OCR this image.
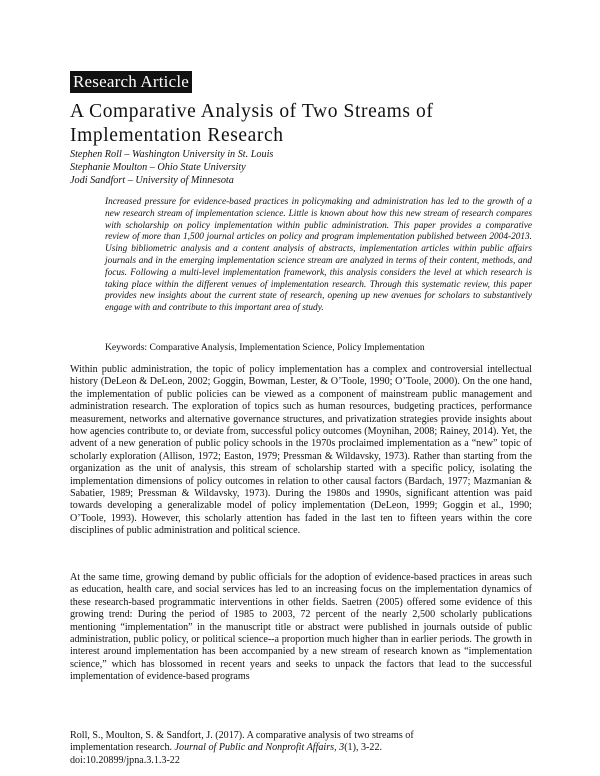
Research Article
A Comparative Analysis of Two Streams of Implementation Research
Stephen Roll – Washington University in St. Louis
Stephanie Moulton – Ohio State University
Jodi Sandfort – University of Minnesota

Increased pressure for evidence-based practices in policymaking and administration has led to the growth of a new research stream of implementation science. Little is known about how this new stream of research compares with scholarship on policy implementation within public administration. This paper provides a comparative review of more than 1,500 journal articles on policy and program implementation published between 2004-2013. Using bibliometric analysis and a content analysis of abstracts, implementation articles within public affairs journals and in the emerging implementation science stream are analyzed in terms of their content, methods, and focus. Following a multi-level implementation framework, this analysis considers the level at which research is taking place within the different venues of implementation research. Through this systematic review, this paper provides new insights about the current state of research, opening up new avenues for scholars to substantively engage with and contribute to this important area of study.

Keywords: Comparative Analysis, Implementation Science, Policy Implementation

Within public administration, the topic of policy implementation has a complex and controversial intellectual history (DeLeon & DeLeon, 2002; Goggin, Bowman, Lester, & O’Toole, 1990; O’Toole, 2000). On the one hand, the implementation of public policies can be viewed as a component of mainstream public management and administration research. The exploration of topics such as human resources, budgeting practices, performance measurement, networks and alternative governance structures, and privatization strategies provide insights about how agencies contribute to, or deviate from, successful policy outcomes (Moynihan, 2008; Rainey, 2014). Yet, the advent of a new generation of public policy schools in the 1970s proclaimed implementation as a “new” topic of scholarly exploration (Allison, 1972; Easton, 1979; Pressman & Wildavsky, 1973). Rather than starting from the organization as the unit of analysis, this stream of scholarship started with a specific policy, isolating the implementation dimensions of policy outcomes in relation to other causal factors (Bardach, 1977; Mazmanian & Sabatier, 1989; Pressman & Wildavsky, 1973). During the 1980s and 1990s, significant attention was paid towards developing a generalizable model of policy implementation (DeLeon, 1999; Goggin et al., 1990; O’Toole, 1993). However, this scholarly attention has faded in the last ten to fifteen years within the core disciplines of public administration and political science.

At the same time, growing demand by public officials for the adoption of evidence-based practices in areas such as education, health care, and social services has led to an increasing focus on the implementation dynamics of these research-based programmatic interventions in other fields. Saetren (2005) offered some evidence of this growing trend: During the period of 1985 to 2003, 72 percent of the nearly 2,500 scholarly publications mentioning “implementation” in the manuscript title or abstract were published in journals outside of public administration, public policy, or political science--a proportion much higher than in earlier periods. The growth in interest around implementation has been accompanied by a new stream of research known as “implementation science,” which has blossomed in recent years and seeks to unpack the factors that lead to the successful implementation of evidence-based programs

Roll, S., Moulton, S. & Sandfort, J. (2017). A comparative analysis of two streams of
implementation research. Journal of Public and Nonprofit Affairs, 3(1), 3-22.
doi:10.20899/jpna.3.1.3-22
